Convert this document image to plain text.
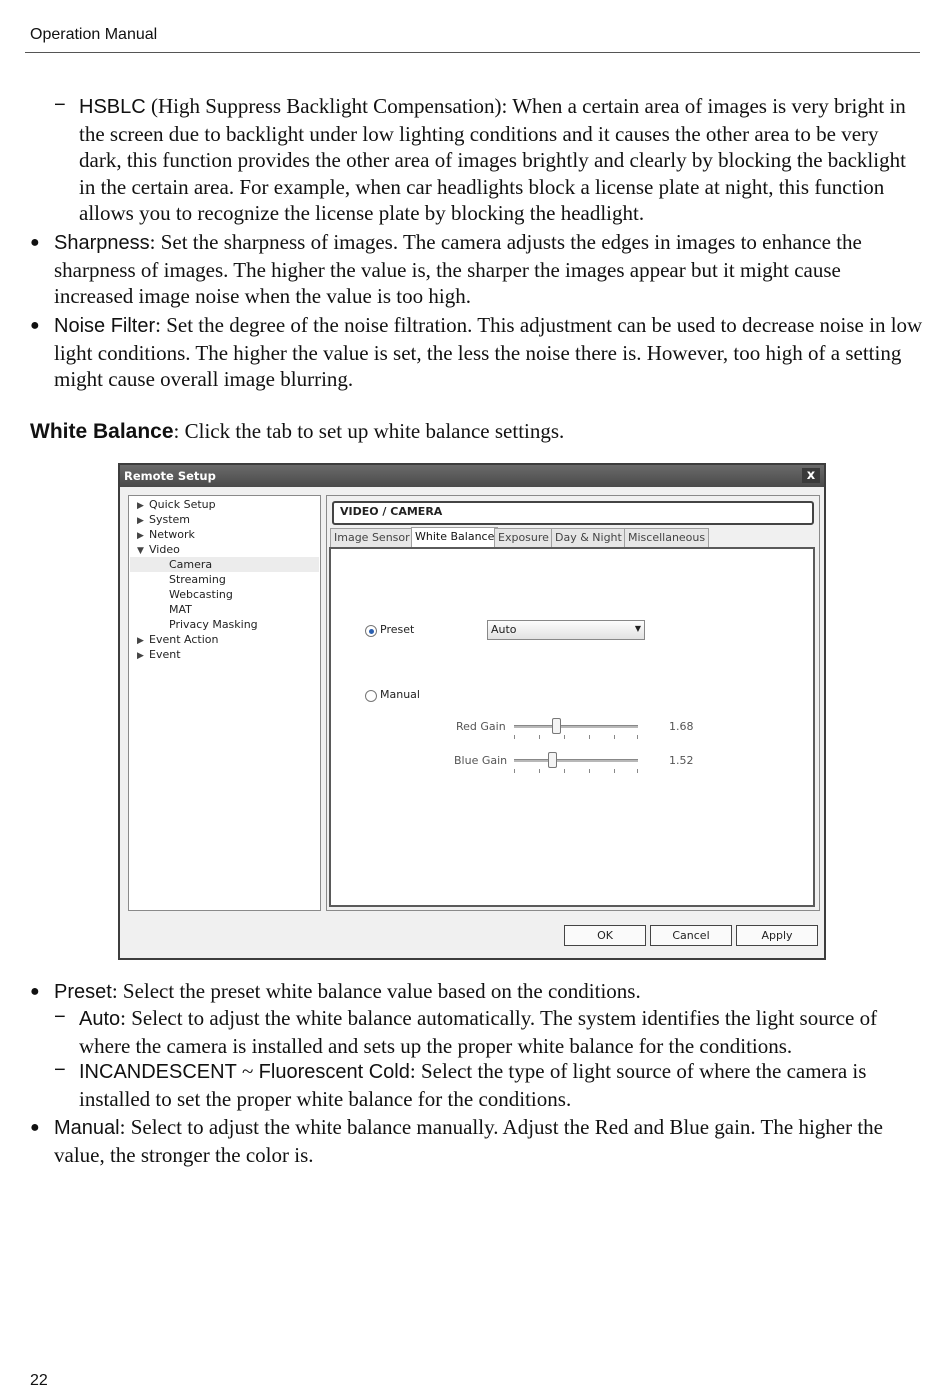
Operation Manual
− HSBLC (High Suppress Backlight Compensation): When a certain area of images is very bright in the screen due to backlight under low lighting conditions and it causes the other area to be very dark, this function provides the other area of images brightly and clearly by blocking the backlight in the certain area. For example, when car headlights block a license plate at night, this function allows you to recognize the license plate by blocking the headlight.
● Sharpness: Set the sharpness of images. The camera adjusts the edges in images to enhance the sharpness of images. The higher the value is, the sharper the images appear but it might cause increased image noise when the value is too high.
● Noise Filter: Set the degree of the noise filtration. This adjustment can be used to decrease noise in low light conditions. The higher the value is set, the less the noise there is. However, too high of a setting might cause overall image blurring.
White Balance: Click the tab to set up white balance settings.
Remote Setup	x
▶ Quick Setup
▶ System
▶ Network
▼ Video
Camera
Streaming
Webcasting
MAT
Privacy Masking
▶ Event Action
▶ Event
VIDEO / CAMERA
Image Sensor White Balance Exposure Day & Night Miscellaneous
Preset	Auto	▼
Manual
Red Gain	1.68
Blue Gain	1.52
OK	Cancel	Apply
● Preset: Select the preset white balance value based on the conditions.
− Auto: Select to adjust the white balance automatically. The system identifies the light source of where the camera is installed and sets up the proper white balance for the conditions.
− INCANDESCENT ~ Fluorescent Cold: Select the type of light source of where the camera is installed to set the proper white balance for the conditions.
● Manual: Select to adjust the white balance manually. Adjust the Red and Blue gain. The higher the value, the stronger the color is.
22
